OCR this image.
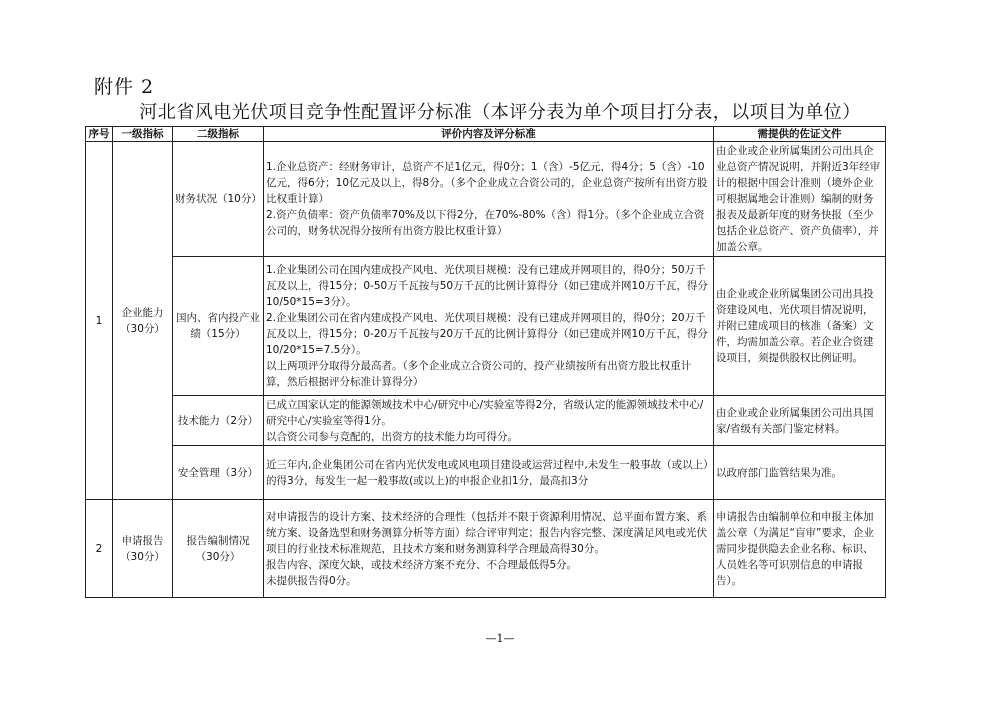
附件 2
河北省风电光伏项目竞争性配置评分标准（本评分表为单个项目打分表，以项目为单位）
序号	一级指标	二级指标	评价内容及评分标准	需提供的佐证文件
1	企业能力（30分）	财务状况（10分）	1.企业总资产：经财务审计，总资产不足1亿元，得0分；1（含）-5亿元，得4分；5（含）-10亿元，得6分；10亿元及以上，得8分。（多个企业成立合资公司的，企业总资产按所有出资方股比权重计算）

2.资产负债率：资产负债率70%及以下得2分，在70%-80%（含）得1分。（多个企业成立合资公司的，财务状况得分按所有出资方股比权重计算）	由企业或企业所属集团公司出具企业总资产情况说明，并附近3年经审计的根据中国会计准则（境外企业可根据属地会计准则）编制的财务报表及最新年度的财务快报（至少包括企业总资产、资产负债率），并加盖公章。
		国内、省内投产业绩（15分）	1.企业集团公司在国内建成投产风电、光伏项目规模：没有已建成并网项目的，得0分；50万千瓦及以上，得15分；0-50万千瓦按与50万千瓦的比例计算得分（如已建成并网10万千瓦，得分10/50*15=3分）。

2.企业集团公司在省内建成投产风电、光伏项目规模：没有已建成并网项目的，得0分；20万千瓦及以上，得15分；0-20万千瓦按与20万千瓦的比例计算得分（如已建成并网10万千瓦，得分10/20*15=7.5分）。

以上两项评分取得分最高者。（多个企业成立合资公司的，投产业绩按所有出资方股比权重计算，然后根据评分标准计算得分）	由企业或企业所属集团公司出具投资建设风电、光伏项目情况说明，并附已建成项目的核准（备案）文件，均需加盖公章。若企业合资建设项目，须提供股权比例证明。
		技术能力（2分）	已成立国家认定的能源领域技术中心/研究中心/实验室等得2分，省级认定的能源领域技术中心/研究中心/实验室等得1分。

以合资公司参与竞配的，出资方的技术能力均可得分。	由企业或企业所属集团公司出具国家/省级有关部门鉴定材料。
		安全管理（3分）	近三年内,企业集团公司在省内光伏发电或风电项目建设或运营过程中,未发生一般事故（或以上）的得3分，每发生一起一般事故(或以上)的申报企业扣1分，最高扣3分	以政府部门监管结果为准。
2	申请报告（30分）	报告编制情况（30分）	对申请报告的设计方案、技术经济的合理性（包括并不限于资源利用情况、总平面布置方案、系统方案、设备选型和财务测算分析等方面）综合评审判定；报告内容完整、深度满足风电或光伏项目的行业技术标准规范，且技术方案和财务测算科学合理最高得30分。

报告内容、深度欠缺，或技术经济方案不充分、不合理最低得5分。

未提供报告得0分。	申请报告由编制单位和申报主体加盖公章（为满足“盲审”要求，企业需同步提供隐去企业名称、标识、人员姓名等可识别信息的申请报告）。
—1—
